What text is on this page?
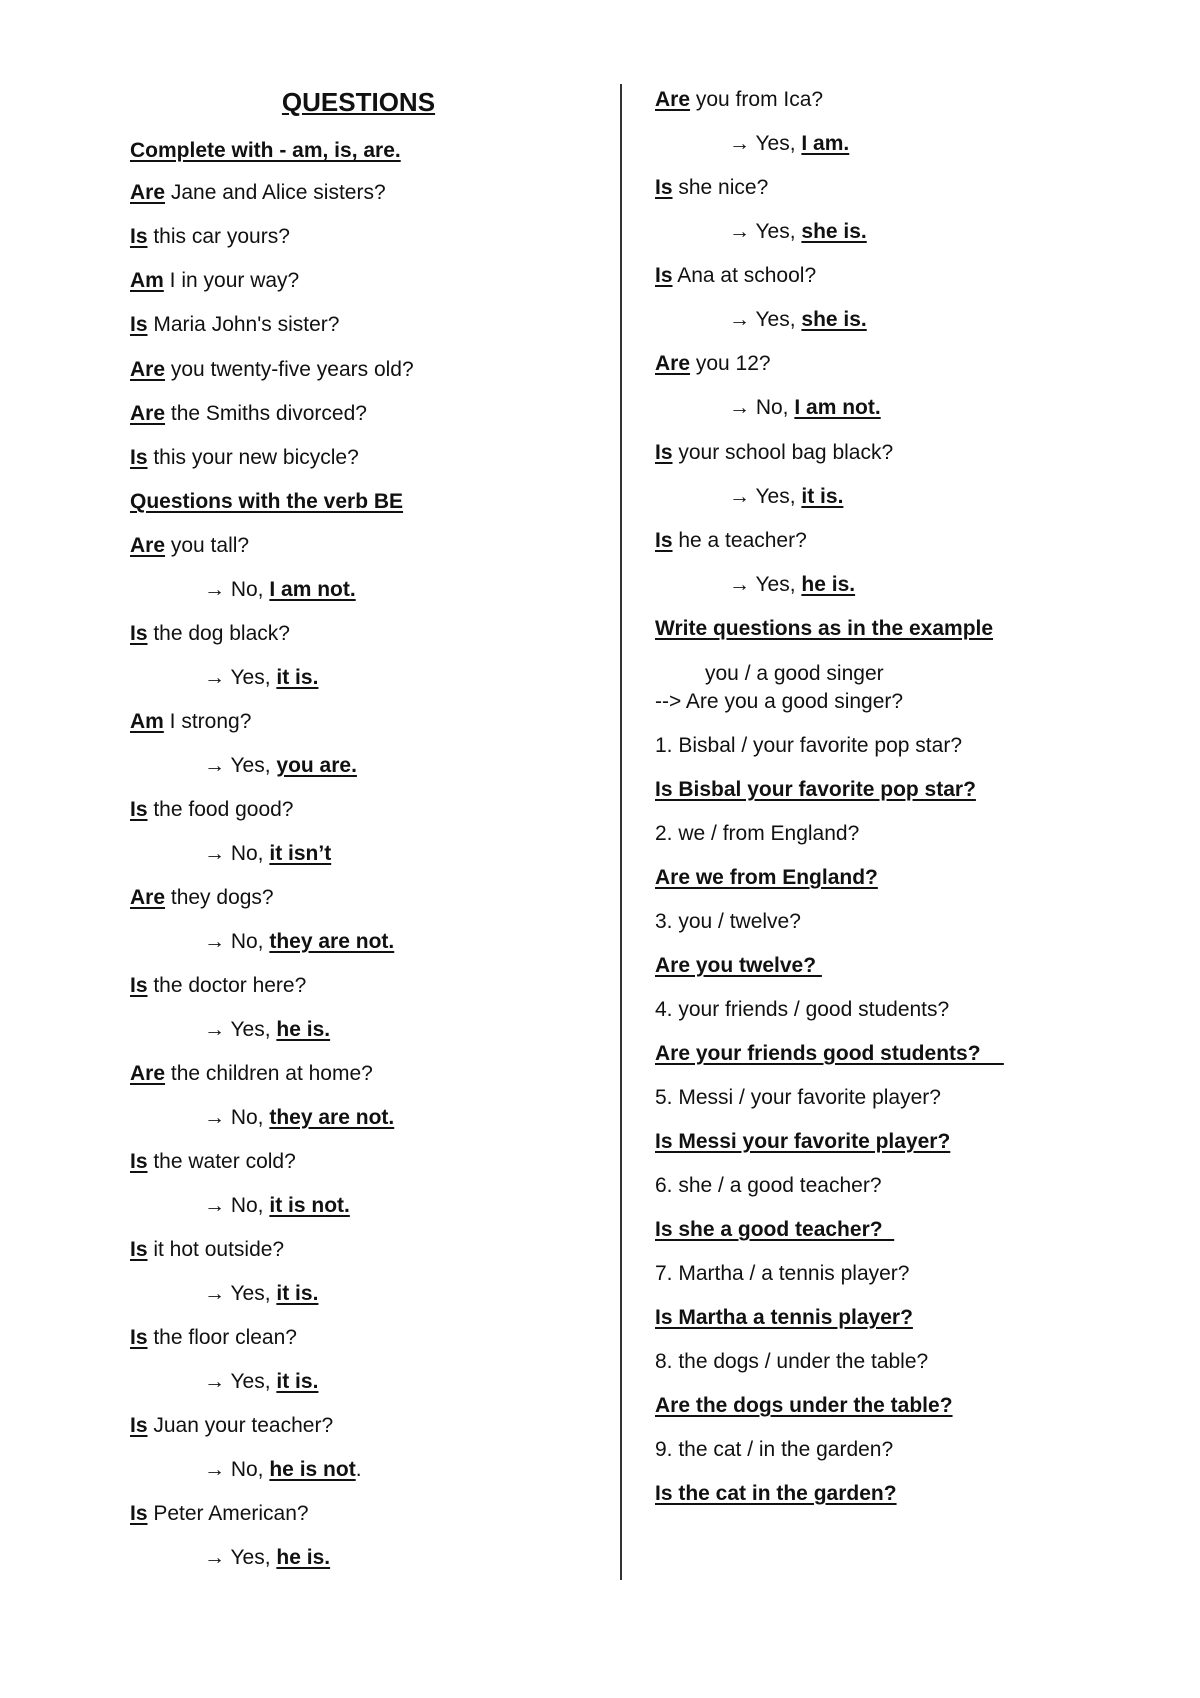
QUESTIONS
Complete with - am, is, are.
Are Jane and Alice sisters?
Is this car yours?
Am I in your way?
Is Maria John's sister?
Are you twenty-five years old?
Are the Smiths divorced?
Is this your new bicycle?
Questions with the verb BE
Are you tall?
→ No, I am not.
Is the dog black?
→ Yes, it is.
Am I strong?
→ Yes, you are.
Is the food good?
→ No, it isn’t
Are they dogs?
→ No, they are not.
Is the doctor here?
→ Yes, he is.
Are the children at home?
→ No, they are not.
Is the water cold?
→ No, it is not.
Is it hot outside?
→ Yes, it is.
Is the floor clean?
→ Yes, it is.
Is Juan your teacher?
→ No, he is not.
Is Peter American?
→ Yes, he is.
Are you from Ica?
→ Yes, I am.
Is she nice?
→ Yes, she is.
Is Ana at school?
→ Yes, she is.
Are you 12?
→ No, I am not.
Is your school bag black?
→ Yes, it is.
Is he a teacher?
→ Yes, he is.
Write questions as in the example
you / a good singer
--> Are you a good singer?
1. Bisbal / your favorite pop star?
Is Bisbal your favorite pop star?
2. we / from England?
Are we from England?
3. you / twelve?
Are you twelve?
4. your friends / good students?
Are your friends good students?
5. Messi / your favorite player?
Is Messi your favorite player?
6. she / a good teacher?
Is she a good teacher?
7. Martha / a tennis player?
Is Martha a tennis player?
8. the dogs / under the table?
Are the dogs under the table?
9. the cat / in the garden?
Is the cat in the garden?
